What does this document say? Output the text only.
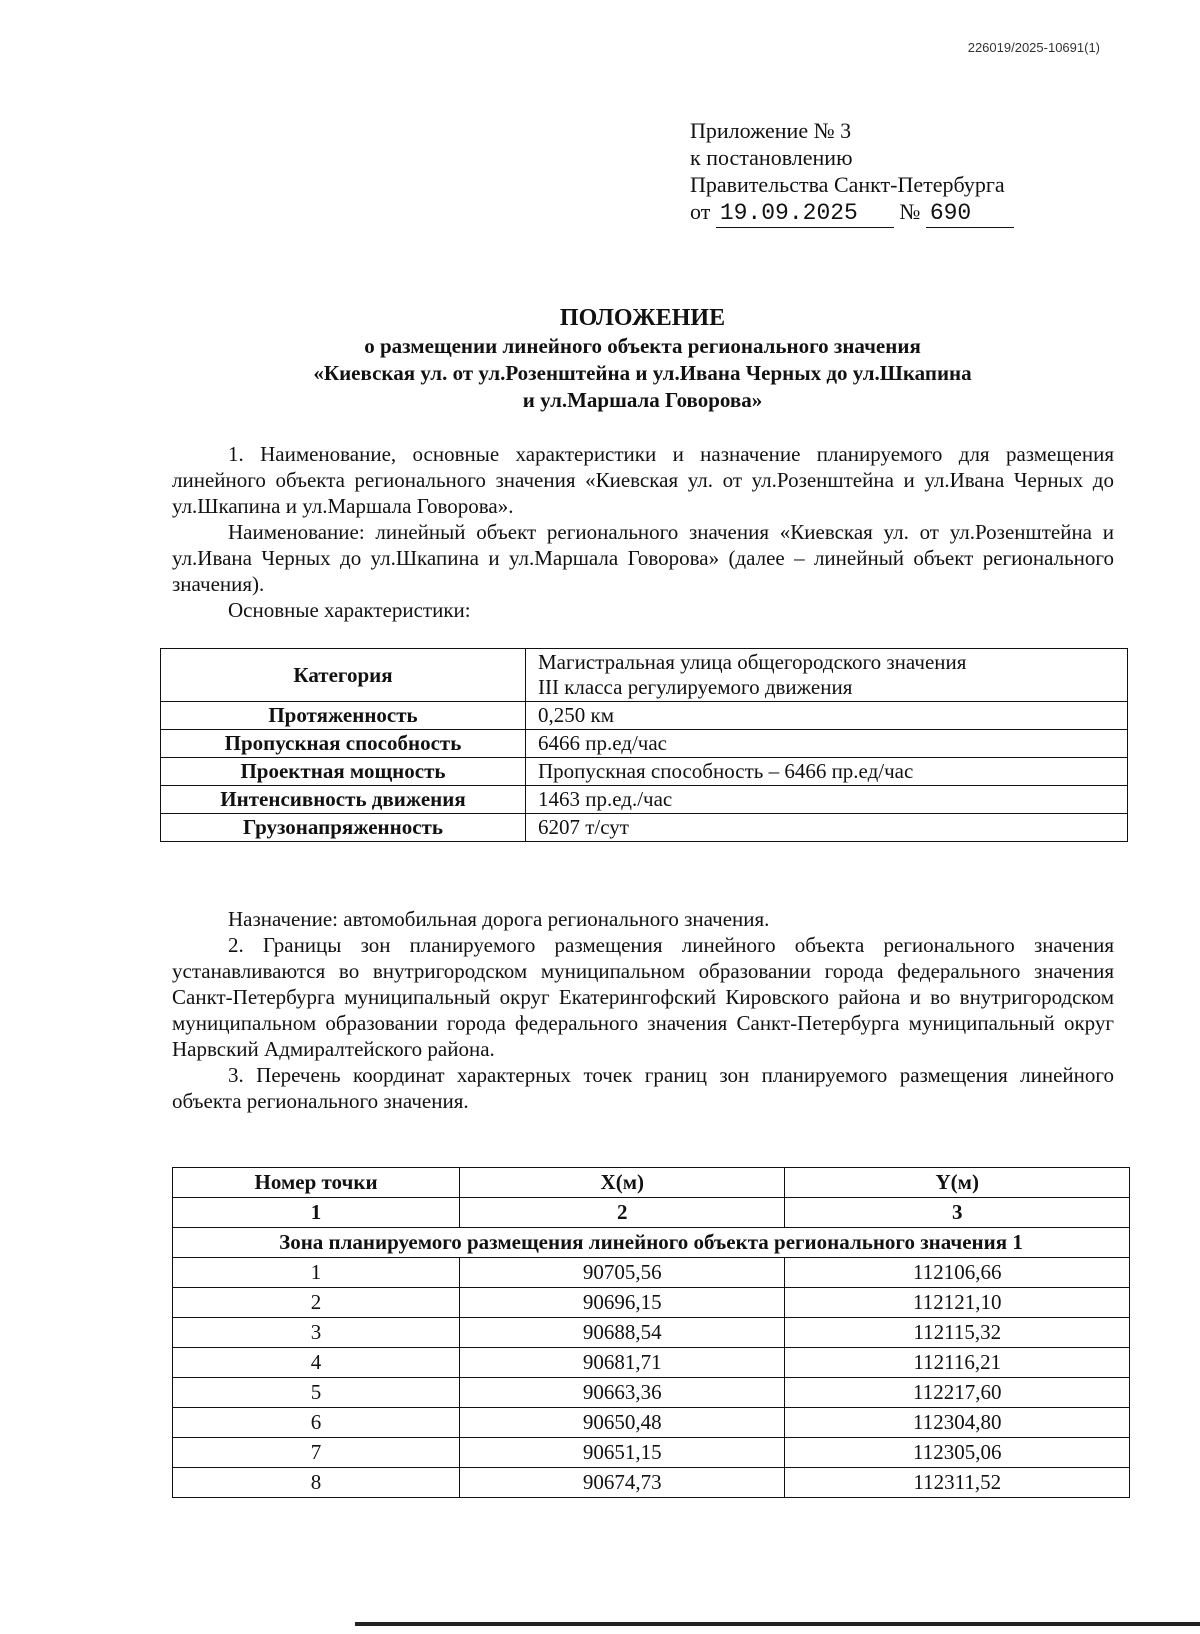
226019/2025-10691(1)
Приложение № 3
к постановлению
Правительства Санкт-Петербурга
от 19.09.2025 № 690
ПОЛОЖЕНИЕ
о размещении линейного объекта регионального значения
«Киевская ул. от ул.Розенштейна и ул.Ивана Черных до ул.Шкапина
и ул.Маршала Говорова»

1. Наименование, основные характеристики и назначение планируемого для размещения линейного объекта регионального значения «Киевская ул. от ул.Розенштейна и ул.Ивана Черных до ул.Шкапина и ул.Маршала Говорова».

Наименование: линейный объект регионального значения «Киевская ул. от ул.Розенштейна и ул.Ивана Черных до ул.Шкапина и ул.Маршала Говорова» (далее – линейный объект регионального значения).

Основные характеристики:

Категория	Магистральная улица общегородского значения
III класса регулируемого движения

Протяженность	0,250 км
Пропускная способность	6466 пр.ед/час
Проектная мощность	Пропускная способность – 6466 пр.ед/час
Интенсивность движения	1463 пр.ед./час
Грузонапряженность	6207 т/сут

Назначение: автомобильная дорога регионального значения.

2. Границы зон планируемого размещения линейного объекта регионального значения устанавливаются во внутригородском муниципальном образовании города федерального значения Санкт-Петербурга муниципальный округ Екатерингофский Кировского района и во внутригородском муниципальном образовании города федерального значения Санкт-Петербурга муниципальный округ Нарвский Адмиралтейского района.

3. Перечень координат характерных точек границ зон планируемого размещения линейного объекта регионального значения.

Номер точки	X(м)	Y(м)
1	2	3
Зона планируемого размещения линейного объекта регионального значения 1		
1	90705,56	112106,66
2	90696,15	112121,10
3	90688,54	112115,32
4	90681,71	112116,21
5	90663,36	112217,60
6	90650,48	112304,80
7	90651,15	112305,06
8	90674,73	112311,52
